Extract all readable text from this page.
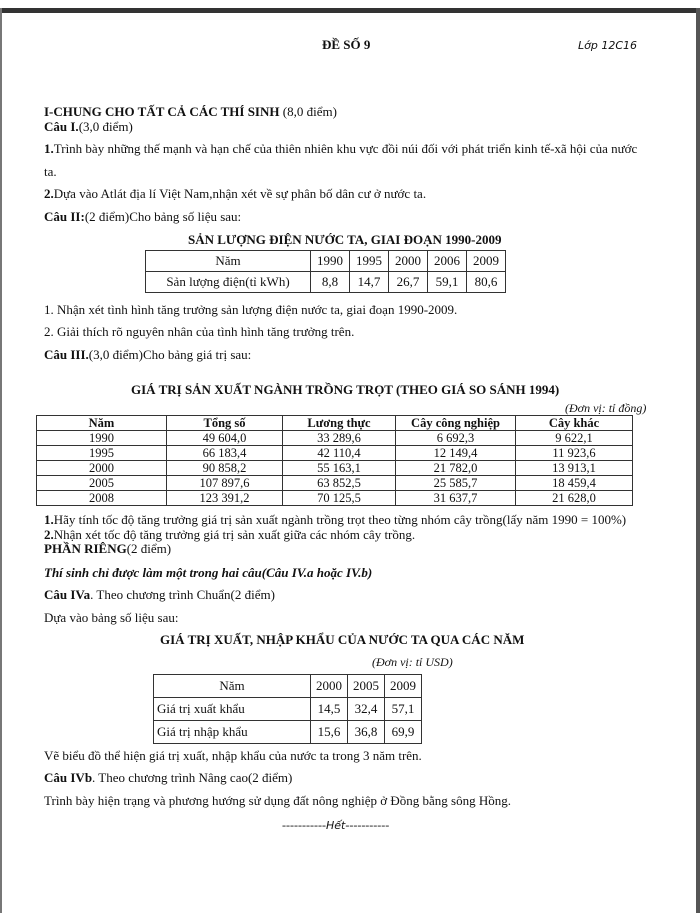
ĐỀ SỐ 9	Lớp 12C16
I-CHUNG CHO TẤT CẢ CÁC THÍ SINH (8,0 điểm)
Câu I.(3,0 điểm)
1.Trình bày những thế mạnh và hạn chế của thiên nhiên khu vực đồi núi đối với phát triển kinh tế-xã hội của nước
ta.
2.Dựa vào Atlát địa lí Việt Nam,nhận xét về sự phân bố dân cư ở nước ta.
Câu II:(2 điểm)Cho bảng số liệu sau:
SẢN LƯỢNG ĐIỆN NƯỚC TA, GIAI ĐOẠN 1990-2009
Năm	1990	1995	2000	2006	2009
Sản lượng điện(tỉ kWh)	8,8	14,7	26,7	59,1	80,6
1. Nhận xét tình hình tăng trưởng sản lượng điện nước ta, giai đoạn 1990-2009.
2. Giải thích rõ nguyên nhân của tình hình tăng trưởng trên.
Câu III.(3,0 điểm)Cho bảng giá trị sau:
GIÁ TRỊ SẢN XUẤT NGÀNH TRỒNG TRỌT (THEO GIÁ SO SÁNH 1994)
(Đơn vị: tỉ đồng)
Năm	Tổng số	Lương thực	Cây công nghiệp	Cây khác
1990	49 604,0	33 289,6	6 692,3	9 622,1
1995	66 183,4	42 110,4	12 149,4	11 923,6
2000	90 858,2	55 163,1	21 782,0	13 913,1
2005	107 897,6	63 852,5	25 585,7	18 459,4
2008	123 391,2	70 125,5	31 637,7	21 628,0
1.Hãy tính tốc độ tăng trưởng giá trị sản xuất ngành trồng trọt theo từng nhóm cây trồng(lấy năm 1990 = 100%)
2.Nhận xét tốc độ tăng trưởng giá trị sản xuất giữa các nhóm cây trồng.
PHẦN RIÊNG(2 điểm)
Thí sinh chỉ được làm một trong hai câu(Câu IV.a hoặc IV.b)
Câu IVa. Theo chương trình Chuẩn(2 điểm)
Dựa vào bảng số liệu sau:
GIÁ TRỊ XUẤT, NHẬP KHẨU CỦA NƯỚC TA QUA CÁC NĂM
(Đơn vị: tỉ USD)
Năm	2000	2005	2009
Giá trị xuất khẩu	14,5	32,4	57,1
Giá trị nhập khẩu	15,6	36,8	69,9
Vẽ biểu đồ thể hiện giá trị xuất, nhập khẩu của nước ta trong 3 năm trên.
Câu IVb. Theo chương trình Nâng cao(2 điểm)
Trình bày hiện trạng và phương hướng sử dụng đất nông nghiệp ở Đồng bằng sông Hồng.
-----------Hết-----------
